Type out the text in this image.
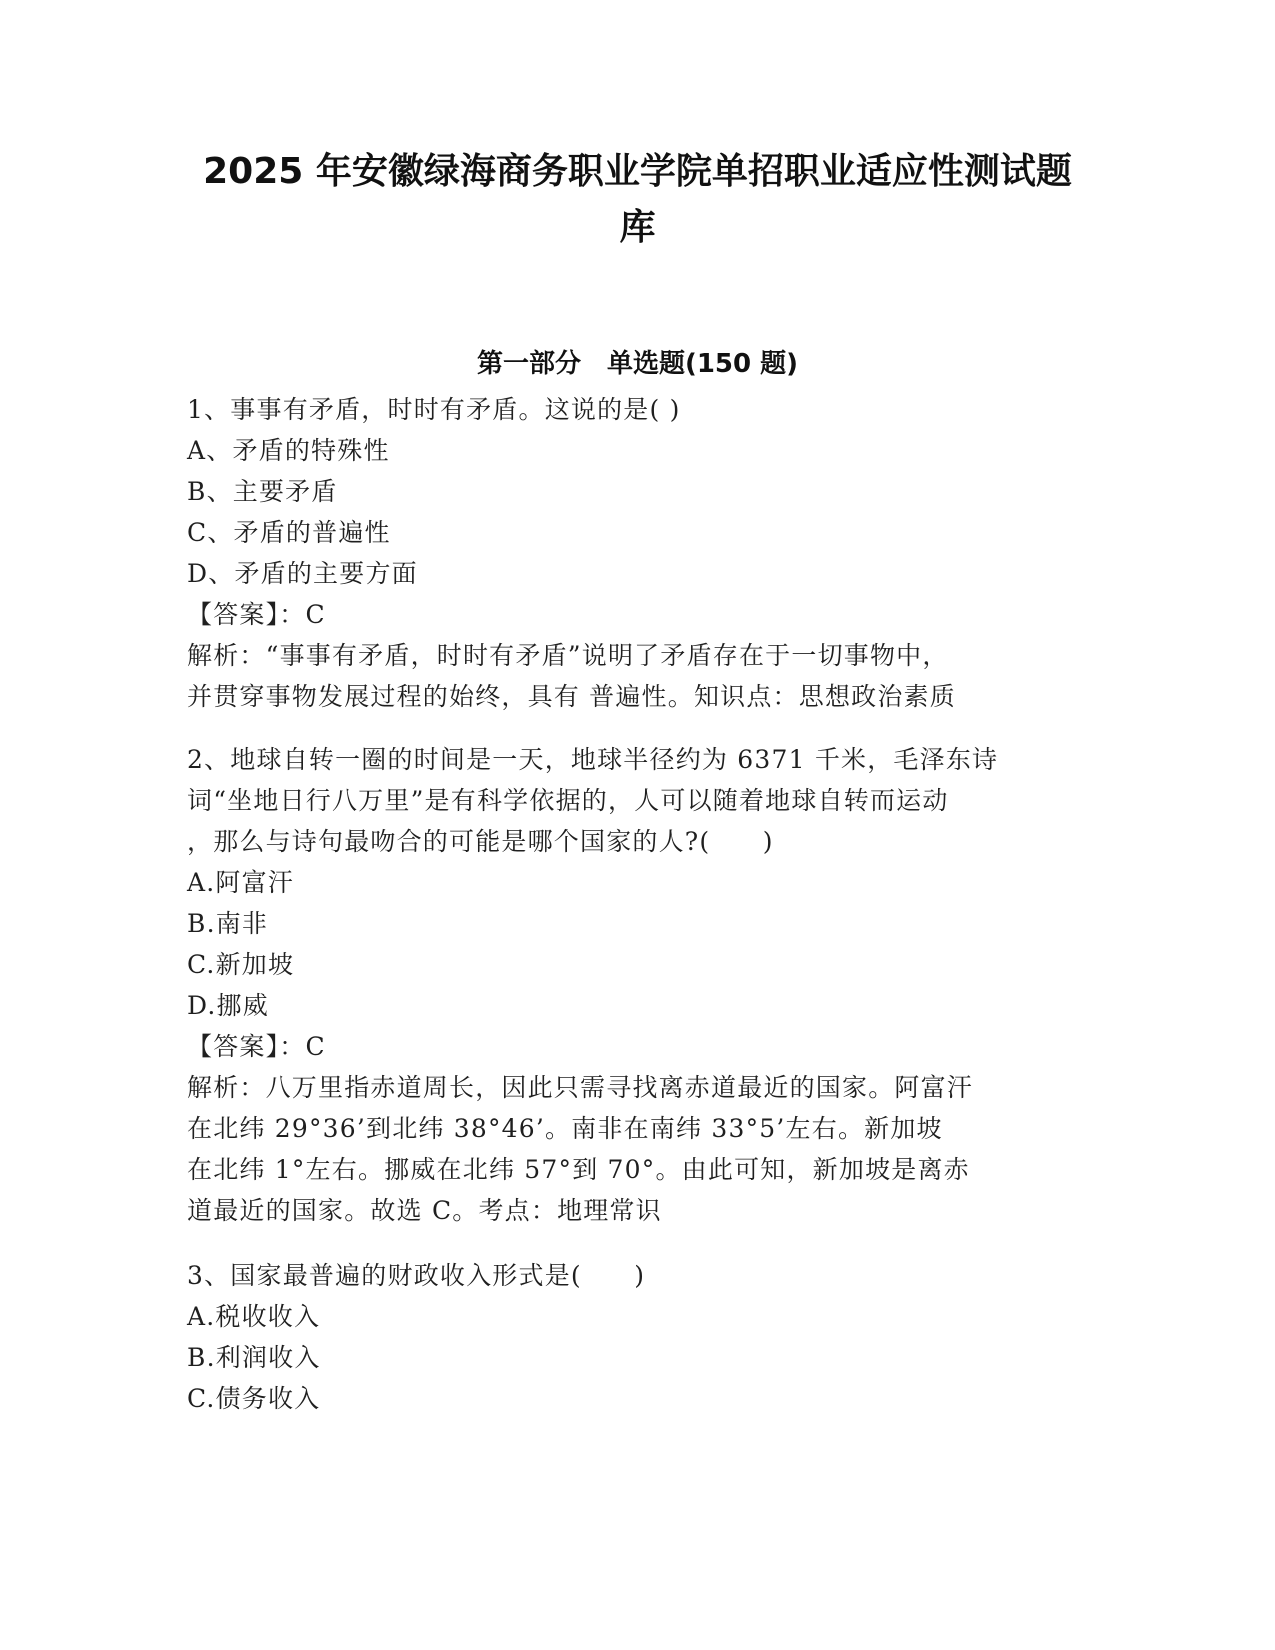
2025 年安徽绿海商务职业学院单招职业适应性测试题
库
第一部分　单选题(150 题)

1、事事有矛盾，时时有矛盾。这说的是( )

A、矛盾的特殊性

B、主要矛盾

C、矛盾的普遍性

D、矛盾的主要方面

【答案】：C

解析：“事事有矛盾，时时有矛盾”说明了矛盾存在于一切事物中，

并贯穿事物发展过程的始终，具有 普遍性。知识点：思想政治素质

2、地球自转一圈的时间是一天，地球半径约为 6371 千米，毛泽东诗

词“坐地日行八万里”是有科学依据的，人可以随着地球自转而运动

，那么与诗句最吻合的可能是哪个国家的人?(　　)

A.阿富汗

B.南非

C.新加坡

D.挪威

【答案】：C

解析：八万里指赤道周长，因此只需寻找离赤道最近的国家。阿富汗

在北纬 29°36’到北纬 38°46’。南非在南纬 33°5’左右。新加坡

在北纬 1°左右。挪威在北纬 57°到 70°。由此可知，新加坡是离赤

道最近的国家。故选 C。考点：地理常识

3、国家最普遍的财政收入形式是(　　)

A.税收收入

B.利润收入

C.债务收入
